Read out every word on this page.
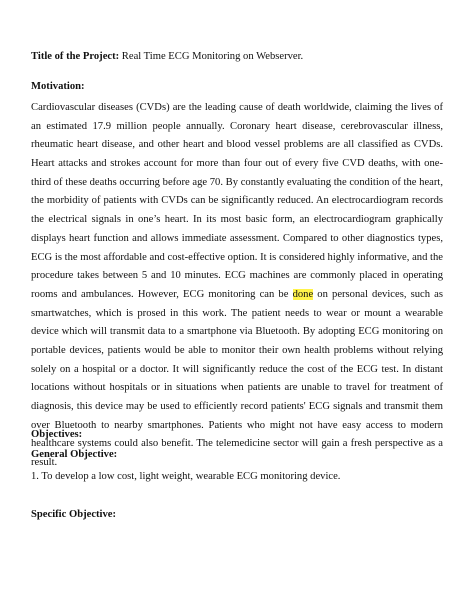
Title of the Project: Real Time ECG Monitoring on Webserver.
Motivation:
Cardiovascular diseases (CVDs) are the leading cause of death worldwide, claiming the lives of
an estimated 17.9 million people annually. Coronary heart disease, cerebrovascular illness,
rheumatic heart disease, and other heart and blood vessel problems are all classified as CVDs.
Heart attacks and strokes account for more than four out of every five CVD deaths, with one-
third of these deaths occurring before age 70. By constantly evaluating the condition of the heart,
the morbidity of patients with CVDs can be significantly reduced. An electrocardiogram records
the electrical signals in one’s heart. In its most basic form, an electrocardiogram graphically
displays heart function and allows immediate assessment. Compared to other diagnostics types,
ECG is the most affordable and cost-effective option. It is considered highly informative, and the
procedure takes between 5 and 10 minutes. ECG machines are commonly placed in operating
rooms and ambulances. However, ECG monitoring can be done on personal devices, such as
smartwatches, which is prosed in this work. The patient needs to wear or mount a wearable
device which will transmit data to a smartphone via Bluetooth. By adopting ECG monitoring on
portable devices, patients would be able to monitor their own health problems without relying
solely on a hospital or a doctor. It will significantly reduce the cost of the ECG test. In distant
locations without hospitals or in situations when patients are unable to travel for treatment of
diagnosis, this device may be used to efficiently record patients' ECG signals and transmit them
over Bluetooth to nearby smartphones. Patients who might not have easy access to modern
healthcare systems could also benefit. The telemedicine sector will gain a fresh perspective as a
result.
Objectives:
General Objective:
1. To develop a low cost, light weight, wearable ECG monitoring device.
Specific Objective:
